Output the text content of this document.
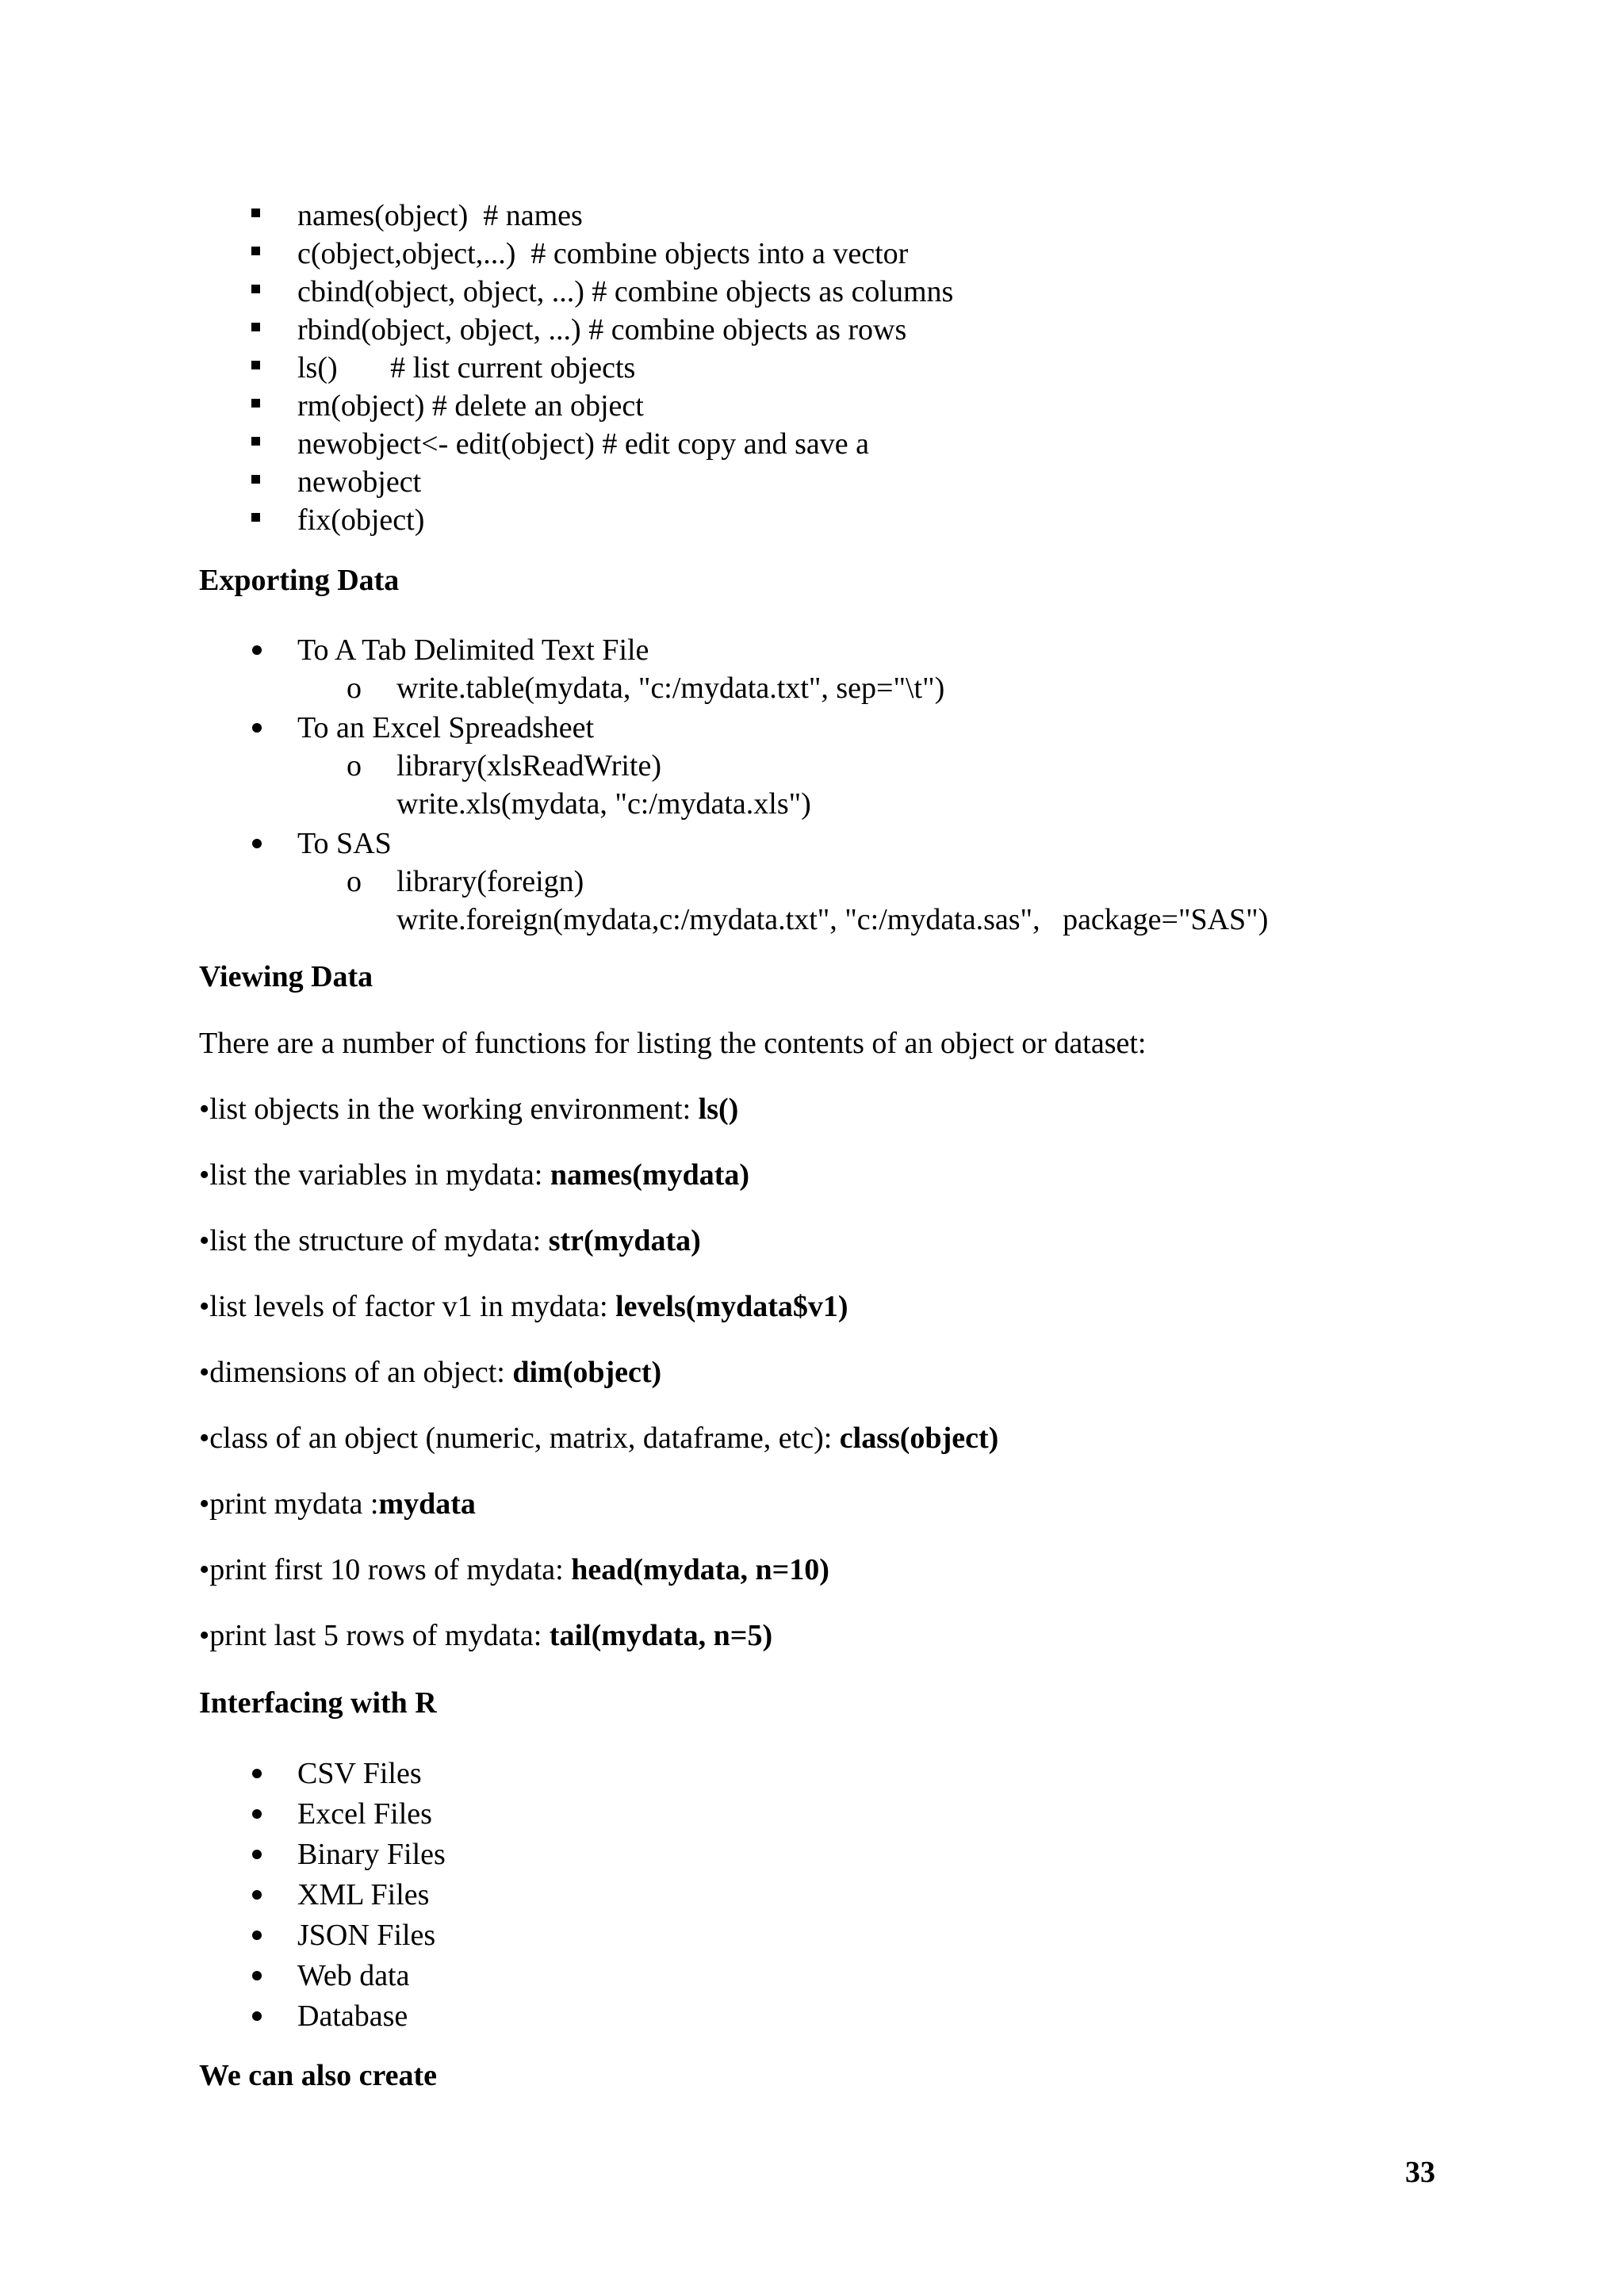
names(object)  # names
c(object,object,...)  # combine objects into a vector
cbind(object, object, ...) # combine objects as columns
rbind(object, object, ...) # combine objects as rows
ls()       # list current objects
rm(object) # delete an object
newobject<- edit(object) # edit copy and save a
newobject
fix(object)
Exporting Data
To A Tab Delimited Text File
o write.table(mydata, "c:/mydata.txt", sep="\t")
To an Excel Spreadsheet
o library(xlsReadWrite)
write.xls(mydata, "c:/mydata.xls")
To SAS
o library(foreign)
write.foreign(mydata,c:/mydata.txt", "c:/mydata.sas",   package="SAS")
Viewing Data
There are a number of functions for listing the contents of an object or dataset:
•list objects in the working environment: ls()
•list the variables in mydata: names(mydata)
•list the structure of mydata: str(mydata)
•list levels of factor v1 in mydata: levels(mydata$v1)
•dimensions of an object: dim(object)
•class of an object (numeric, matrix, dataframe, etc): class(object)
•print mydata :mydata
•print first 10 rows of mydata: head(mydata, n=10)
•print last 5 rows of mydata: tail(mydata, n=5)
Interfacing with R
CSV Files
Excel Files
Binary Files
XML Files
JSON Files
Web data
Database
We can also create
33
